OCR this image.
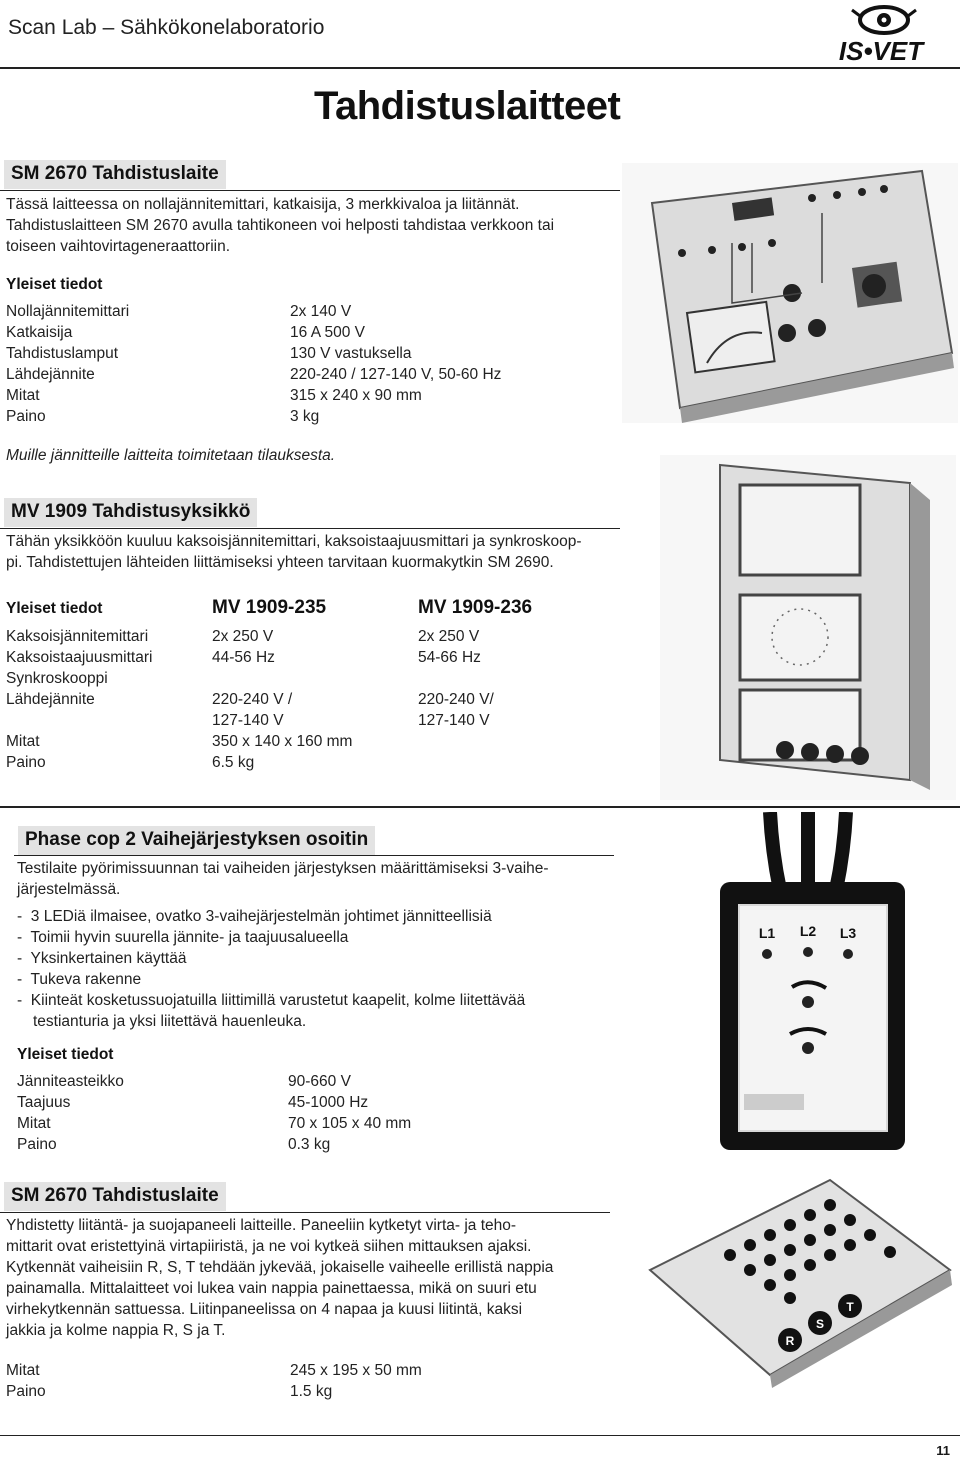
Scan Lab – Sähkökonelaboratorio
IS•VET
Tahdistuslaitteet
SM 2670 Tahdistuslaite
Tässä laitteessa on nollajännitemittari, katkaisija, 3 merkkivaloa ja liitännät.
Tahdistuslaitteen SM 2670 avulla tahtikoneen voi helposti tahdistaa verkkoon tai
toiseen vaihtovirtageneraattoriin.
Yleiset tiedot
Nollajännitemittari	2x 140 V
Katkaisija	16 A 500 V
Tahdistuslamput	130 V vastuksella
Lähdejännite	220-240 / 127-140 V, 50-60 Hz
Mitat	315 x 240 x 90 mm
Paino	3 kg
Muille jännitteille laitteita toimitetaan tilauksesta.
MV 1909 Tahdistusyksikkö
Tähän yksikköön kuuluu kaksoisjännitemittari, kaksoistaajuusmittari ja synkroskoop-
pi. Tahdistettujen lähteiden liittämiseksi yhteen tarvitaan kuormakytkin SM 2690.
Yleiset tiedot	MV 1909-235	MV 1909-236
Kaksoisjännitemittari	2x 250 V	2x 250 V
Kaksoistaajuusmittari	44-56 Hz	54-66 Hz
Synkroskooppi
Lähdejännite	220-240 V /	220-240 V/
127-140 V	127-140 V
Mitat	350 x 140 x 160 mm
Paino	6.5 kg
Phase cop 2 Vaihejärjestyksen osoitin
Testilaite pyörimissuunnan tai vaiheiden järjestyksen määrittämiseksi 3-vaihe-
järjestelmässä.
-  3 LEDiä ilmaisee, ovatko 3-vaihejärjestelmän johtimet jännitteellisiä
-  Toimii hyvin suurella jännite- ja taajuusalueella
-  Yksinkertainen käyttää
-  Tukeva rakenne
-  Kiinteät kosketussuojatuilla liittimillä varustetut kaapelit, kolme liitettävää
testianturia ja yksi liitettävä hauenleuka.
Yleiset tiedot
Jänniteasteikko	90-660 V
Taajuus	45-1000 Hz
Mitat	70 x 105 x 40 mm
Paino	0.3 kg
L1 L2 L3
SM 2670 Tahdistuslaite
Yhdistetty liitäntä- ja suojapaneeli laitteille. Paneeliin kytketyt virta- ja teho-
mittarit ovat eristettyinä virtapiiristä, ja ne voi kytkeä siihen mittauksen ajaksi.
Kytkennät vaiheisiin R, S, T tehdään jykevää, jokaiselle vaiheelle erillistä nappia
painamalla. Mittalaitteet voi lukea vain nappia painettaessa, mikä on suuri etu
virhekytkennän sattuessa. Liitinpaneelissa on 4 napaa ja kuusi liitintä, kaksi
jakkia ja kolme nappia R, S ja T.
Mitat	245 x 195 x 50 mm
Paino	1.5 kg
R
S
T
11
